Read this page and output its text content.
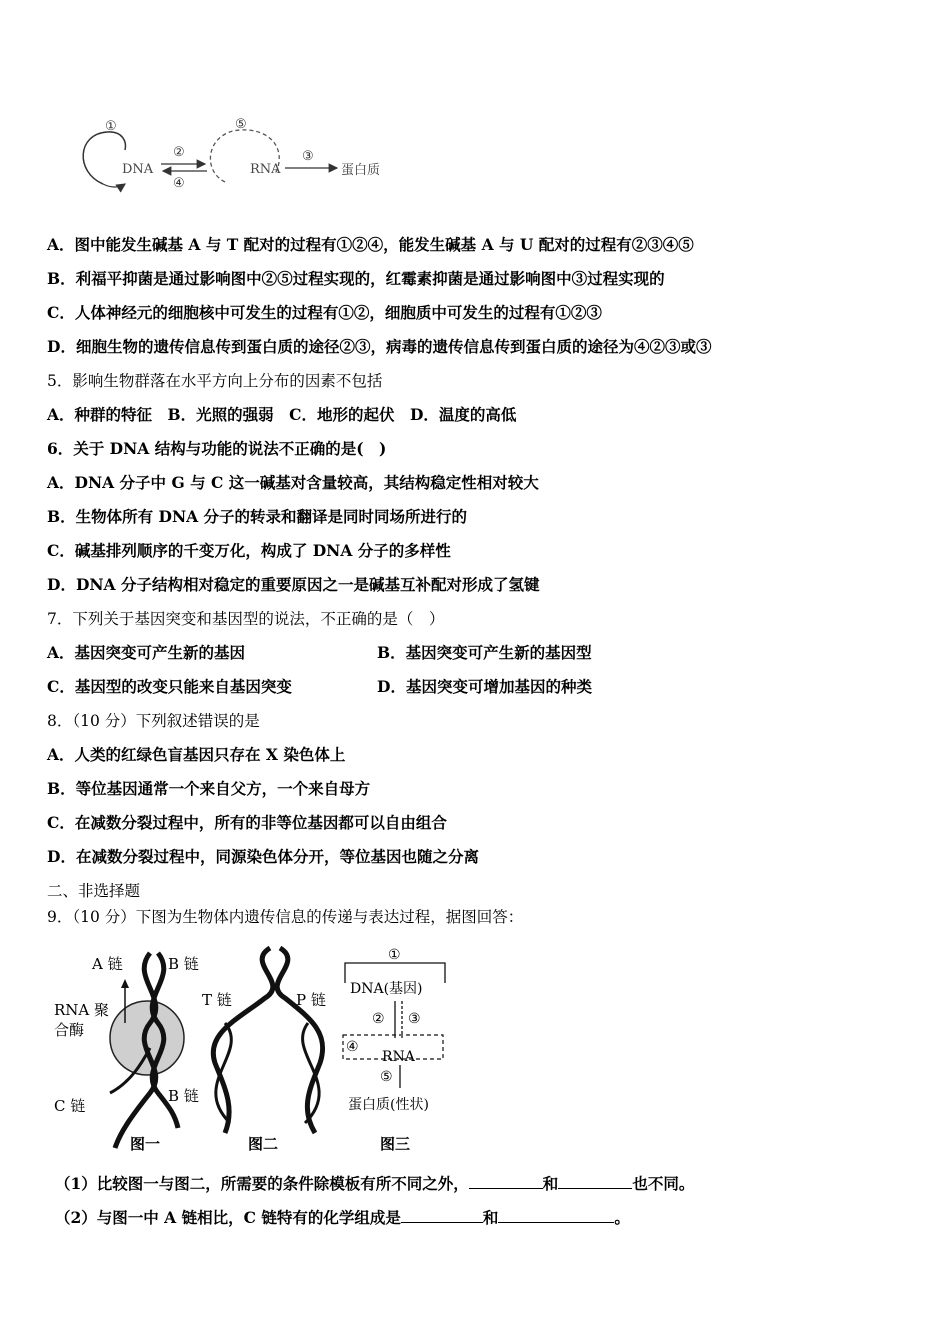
①
DNA
②
④
⑤
RNA
③
蛋白质
A．图中能发生碱基 A 与 T 配对的过程有①②④，能发生碱基 A 与 U 配对的过程有②③④⑤
B．利福平抑菌是通过影响图中②⑤过程实现的，红霉素抑菌是通过影响图中③过程实现的
C．人体神经元的细胞核中可发生的过程有①②，细胞质中可发生的过程有①②③
D．细胞生物的遗传信息传到蛋白质的途径②③，病毒的遗传信息传到蛋白质的途径为④②③或③
5．影响生物群落在水平方向上分布的因素不包括
A．种群的特征　B．光照的强弱　C．地形的起伏　D．温度的高低
6．关于 DNA 结构与功能的说法不正确的是(　)
A．DNA 分子中 G 与 C 这一碱基对含量较高，其结构稳定性相对较大
B．生物体所有 DNA 分子的转录和翻译是同时同场所进行的
C．碱基排列顺序的千变万化，构成了 DNA 分子的多样性
D．DNA 分子结构相对稳定的重要原因之一是碱基互补配对形成了氢键
7．下列关于基因突变和基因型的说法，不正确的是（　）
A．基因突变可产生新的基因	B．基因突变可产生新的基因型
C．基因型的改变只能来自基因突变	D．基因突变可增加基因的种类
8．（10 分）下列叙述错误的是
A．人类的红绿色盲基因只存在 X 染色体上
B．等位基因通常一个来自父方，一个来自母方
C．在减数分裂过程中，所有的非等位基因都可以自由组合
D．在减数分裂过程中，同源染色体分开，等位基因也随之分离
二、非选择题
9．（10 分）下图为生物体内遗传信息的传递与表达过程，据图回答：
A 链	B 链
RNA 聚
合酶
C 链
B 链
图一
T 链	P 链
图二
①
DNA(基因)
② ③
④
RNA
⑤
蛋白质(性状)
图三
（1）比较图一与图二，所需要的条件除模板有所不同之外，	和	也不同。
（2）与图一中 A 链相比，C 链特有的化学组成是	和	。
